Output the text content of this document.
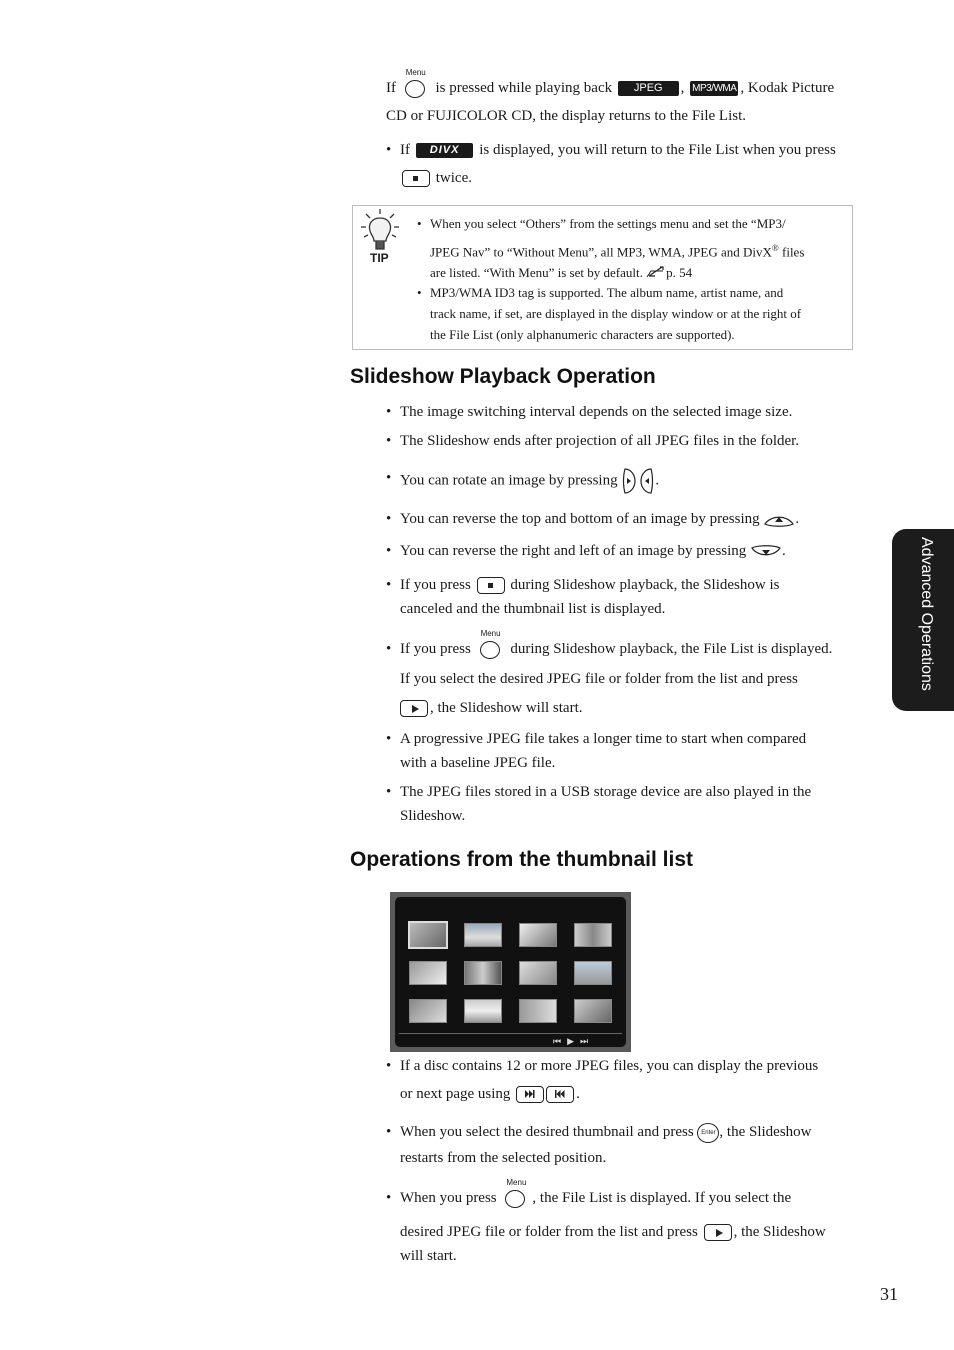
If
Menu
is pressed while playing back JPEG , MP3/WMA , Kodak Picture
CD or FUJICOLOR CD, the display returns to the File List.
• If DIVX is displayed, you will return to the File List when you press
twice.
TIP
• When you select “Others” from the settings menu and set the “MP3/
JPEG Nav” to “Without Menu”, all MP3, WMA, JPEG and DivX® files
are listed. “With Menu” is set by default. p. 54
• MP3/WMA ID3 tag is supported. The album name, artist name, and
track name, if set, are displayed in the display window or at the right of
the File List (only alphanumeric characters are supported).
Slideshow Playback Operation
• The image switching interval depends on the selected image size.
• The Slideshow ends after projection of all JPEG files in the folder.
• You can rotate an image by pressing	.
• You can reverse the top and bottom of an image by pressing .
• You can reverse the right and left of an image by pressing .
• If you press	during Slideshow playback, the Slideshow is
canceled and the thumbnail list is displayed.
• If you press
Menu
during Slideshow playback, the File List is displayed.
If you select the desired JPEG file or folder from the list and press
, the Slideshow will start.
• A progressive JPEG file takes a longer time to start when compared
with a baseline JPEG file.
• The JPEG files stored in a USB storage device are also played in the
Slideshow.
Operations from the thumbnail list
⏮▶⏭
• If a disc contains 12 or more JPEG files, you can display the previous
or next page using	.
• When you select the desired thumbnail and press Enter , the Slideshow
restarts from the selected position.
• When you press
Menu
, the File List is displayed. If you select the
desired JPEG file or folder from the list and press , the Slideshow
will start.
Advanced Operations
31
